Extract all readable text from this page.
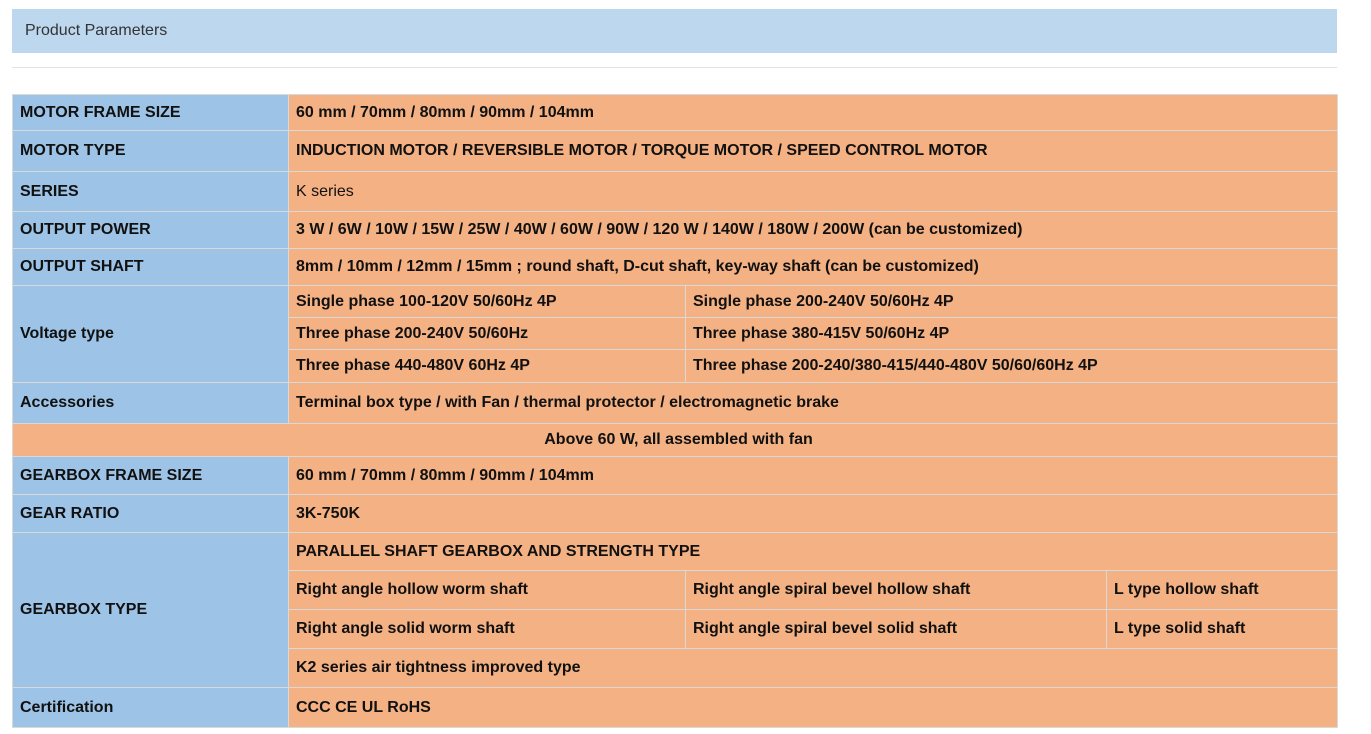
Product Parameters
MOTOR FRAME SIZE	60 mm / 70mm / 80mm / 90mm / 104mm		
MOTOR TYPE	INDUCTION MOTOR / REVERSIBLE MOTOR / TORQUE MOTOR / SPEED CONTROL MOTOR		
SERIES	K series		
OUTPUT POWER	3 W / 6W / 10W / 15W / 25W / 40W / 60W / 90W / 120 W / 140W / 180W / 200W (can be customized)		
OUTPUT SHAFT	8mm / 10mm / 12mm / 15mm ; round shaft, D-cut shaft, key-way shaft (can be customized)		
Voltage type	Single phase 100-120V 50/60Hz 4P	Single phase 200-240V 50/60Hz 4P	
	Three phase 200-240V 50/60Hz	Three phase 380-415V 50/60Hz 4P	
	Three phase 440-480V 60Hz 4P	Three phase 200-240/380-415/440-480V 50/60/60Hz 4P	
Accessories	Terminal box type / with Fan / thermal protector / electromagnetic brake		
Above 60 W, all assembled with fan			
GEARBOX FRAME SIZE	60 mm / 70mm / 80mm / 90mm / 104mm		
GEAR RATIO	3K-750K		
GEARBOX TYPE	PARALLEL SHAFT GEARBOX AND STRENGTH TYPE		
	Right angle hollow worm shaft	Right angle spiral bevel hollow shaft	L type hollow shaft
	Right angle solid worm shaft	Right angle spiral bevel solid shaft	L type solid shaft
	K2 series air tightness improved type		
Certification	CCC CE UL RoHS		
